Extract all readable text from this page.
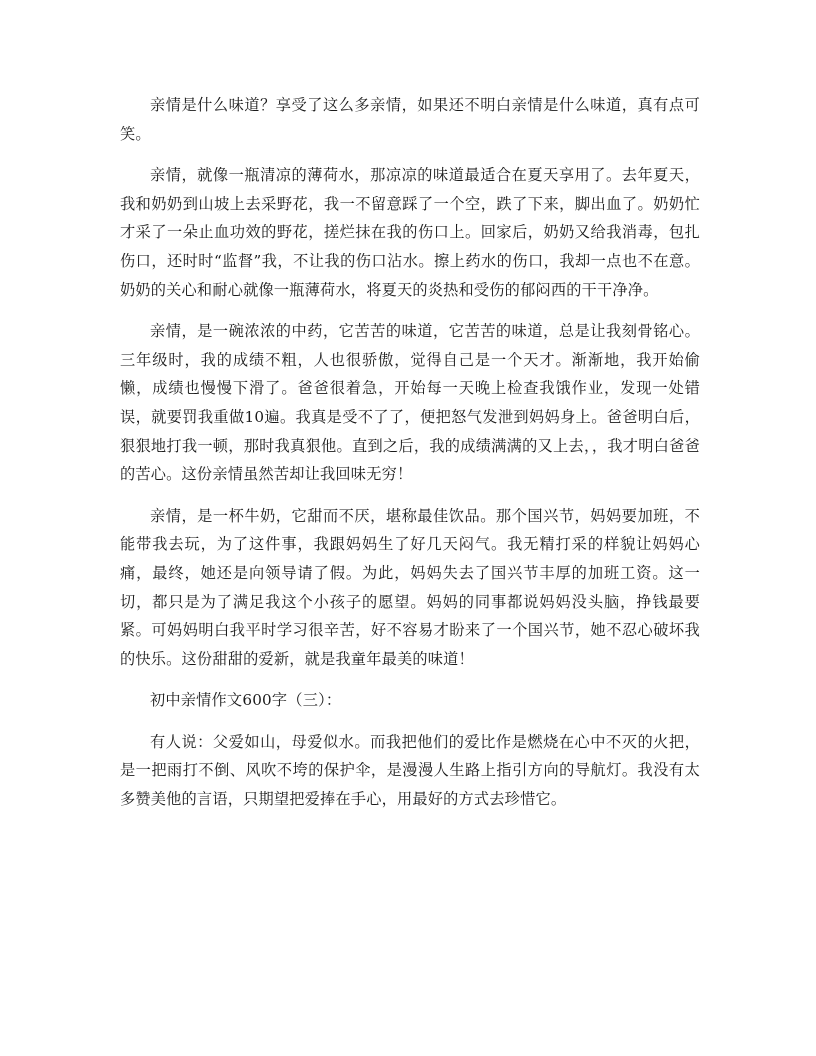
亲情是什么味道？享受了这么多亲情，如果还不明白亲情是什么味道，真有点可笑。

亲情，就像一瓶清凉的薄荷水，那凉凉的味道最适合在夏天享用了。去年夏天，我和奶奶到山坡上去采野花，我一不留意踩了一个空，跌了下来，脚出血了。奶奶忙才采了一朵止血功效的野花，搓烂抹在我的伤口上。回家后，奶奶又给我消毒，包扎伤口，还时时“监督”我，不让我的伤口沾水。擦上药水的伤口，我却一点也不在意。奶奶的关心和耐心就像一瓶薄荷水，将夏天的炎热和受伤的郁闷西的干干净净。

亲情，是一碗浓浓的中药，它苦苦的味道，它苦苦的味道，总是让我刻骨铭心。三年级时，我的成绩不粗，人也很骄傲，觉得自己是一个天才。渐渐地，我开始偷懒，成绩也慢慢下滑了。爸爸很着急，开始每一天晚上检查我饿作业，发现一处错误，就要罚我重做10遍。我真是受不了了，便把怒气发泄到妈妈身上。爸爸明白后，狠狠地打我一顿，那时我真狠他。直到之后，我的成绩满满的又上去，，我才明白爸爸的苦心。这份亲情虽然苦却让我回味无穷！

亲情，是一杯牛奶，它甜而不厌，堪称最佳饮品。那个国兴节，妈妈要加班，不能带我去玩，为了这件事，我跟妈妈生了好几天闷气。我无精打采的样貌让妈妈心痛，最终，她还是向领导请了假。为此，妈妈失去了国兴节丰厚的加班工资。这一切，都只是为了满足我这个小孩子的愿望。妈妈的同事都说妈妈没头脑，挣钱最要紧。可妈妈明白我平时学习很辛苦，好不容易才盼来了一个国兴节，她不忍心破坏我的快乐。这份甜甜的爱新，就是我童年最美的味道！

初中亲情作文600字（三）：

有人说：父爱如山，母爱似水。而我把他们的爱比作是燃烧在心中不灭的火把，是一把雨打不倒、风吹不垮的保护伞，是漫漫人生路上指引方向的导航灯。我没有太多赞美他的言语，只期望把爱捧在手心，用最好的方式去珍惜它。
